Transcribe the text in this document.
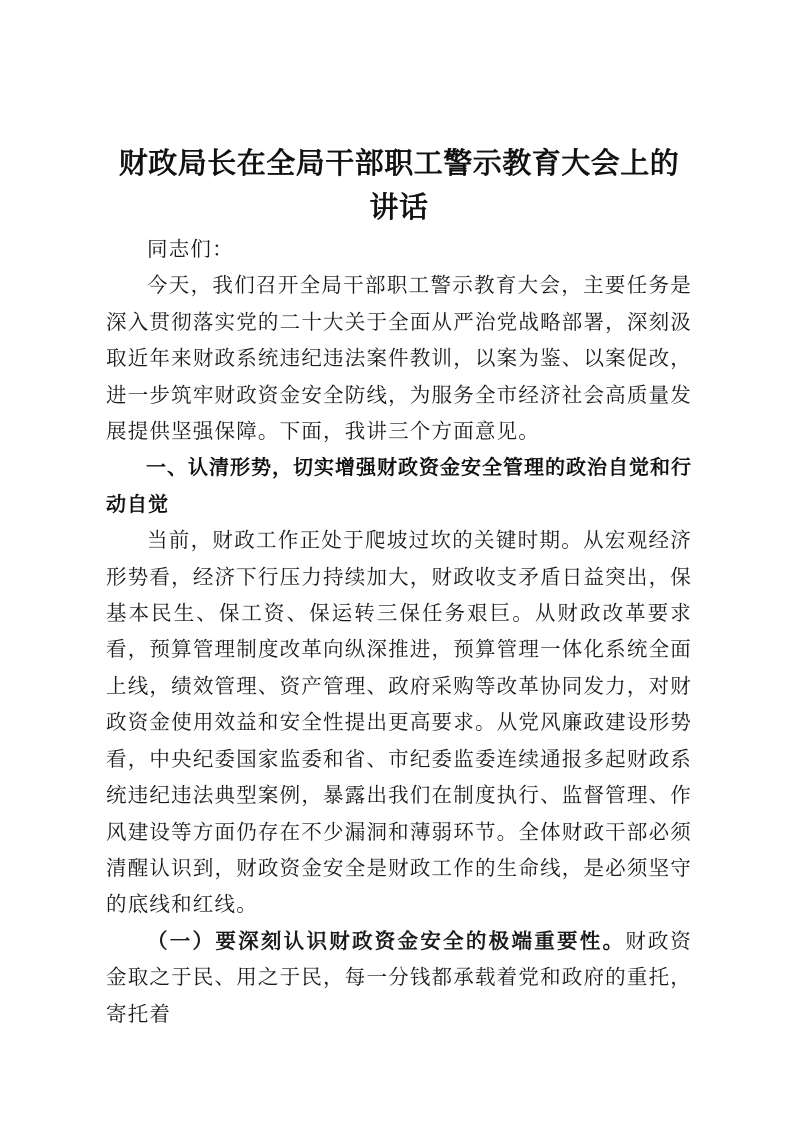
财政局长在全局干部职工警示教育大会上的讲话

同志们：

今天，我们召开全局干部职工警示教育大会，主要任务是深入贯彻落实党的二十大关于全面从严治党战略部署，深刻汲取近年来财政系统违纪违法案件教训，以案为鉴、以案促改，进一步筑牢财政资金安全防线，为服务全市经济社会高质量发展提供坚强保障。下面，我讲三个方面意见。

一、认清形势，切实增强财政资金安全管理的政治自觉和行动自觉

当前，财政工作正处于爬坡过坎的关键时期。从宏观经济形势看，经济下行压力持续加大，财政收支矛盾日益突出，保基本民生、保工资、保运转三保任务艰巨。从财政改革要求看，预算管理制度改革向纵深推进，预算管理一体化系统全面上线，绩效管理、资产管理、政府采购等改革协同发力，对财政资金使用效益和安全性提出更高要求。从党风廉政建设形势看，中央纪委国家监委和省、市纪委监委连续通报多起财政系统违纪违法典型案例，暴露出我们在制度执行、监督管理、作风建设等方面仍存在不少漏洞和薄弱环节。全体财政干部必须清醒认识到，财政资金安全是财政工作的生命线，是必须坚守的底线和红线。

（一）要深刻认识财政资金安全的极端重要性。财政资金取之于民、用之于民，每一分钱都承载着党和政府的重托，寄托着
